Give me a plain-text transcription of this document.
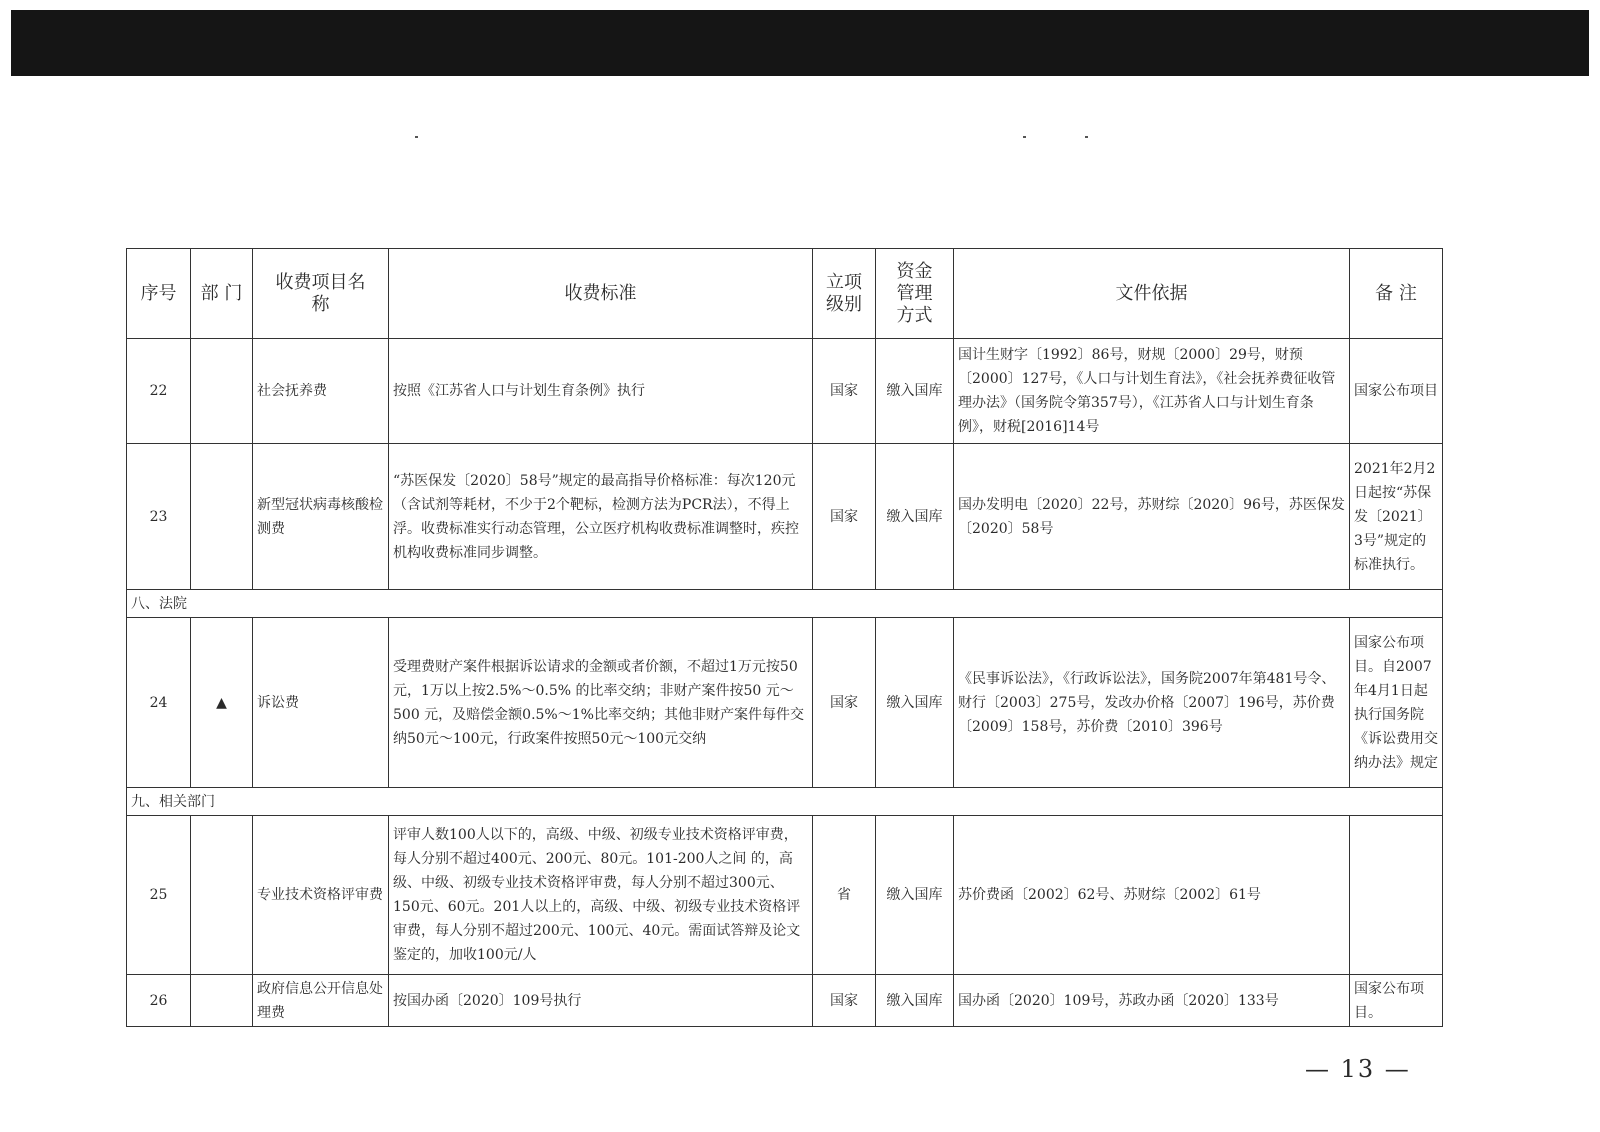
序号	部 门	收费项目名称	收费标准	立项级别	资金管理方式	文件依据	备 注
22		社会抚养费	按照《江苏省人口与计划生育条例》执行	国家	缴入国库	国计生财字〔1992〕86号，财规〔2000〕29号，财预〔2000〕127号，《人口与计划生育法》，《社会抚养费征收管理办法》（国务院令第357号），《江苏省人口与计划生育条例》，财税[2016]14号	国家公布项目
23		新型冠状病毒核酸检测费	“苏医保发〔2020〕58号”规定的最高指导价格标准：每次120元（含试剂等耗材，不少于2个靶标，检测方法为PCR法），不得上浮。收费标准实行动态管理，公立医疗机构收费标准调整时，疾控机构收费标准同步调整。	国家	缴入国库	国办发明电〔2020〕22号，苏财综〔2020〕96号，苏医保发〔2020〕58号	2021年2月2日起按“苏保发〔2021〕3号”规定的标准执行。
八、法院							
24	▲	诉讼费	受理费财产案件根据诉讼请求的金额或者价额，不超过1万元按50元，1万以上按2.5%～0.5% 的比率交纳；非财产案件按50 元～ 500 元，及赔偿金额0.5%～1%比率交纳；其他非财产案件每件交纳50元～100元，行政案件按照50元～100元交纳	国家	缴入国库	《民事诉讼法》，《行政诉讼法》，国务院2007年第481号令、财行〔2003〕275号，发改办价格〔2007〕196号，苏价费〔2009〕158号，苏价费〔2010〕396号	国家公布项目。自2007年4月1日起执行国务院《诉讼费用交纳办法》规定
九、相关部门							
25		专业技术资格评审费	评审人数100人以下的，高级、中级、初级专业技术资格评审费，每人分别不超过400元、200元、80元。101-200人之间 的，高级、中级、初级专业技术资格评审费，每人分别不超过300元、150元、60元。201人以上的，高级、中级、初级专业技术资格评审费，每人分别不超过200元、100元、40元。需面试答辩及论文鉴定的，加收100元/人	省	缴入国库	苏价费函〔2002〕62号、苏财综〔2002〕61号	
26		政府信息公开信息处理费	按国办函〔2020〕109号执行	国家	缴入国库	国办函〔2020〕109号，苏政办函〔2020〕133号	国家公布项目。
— 13 —
